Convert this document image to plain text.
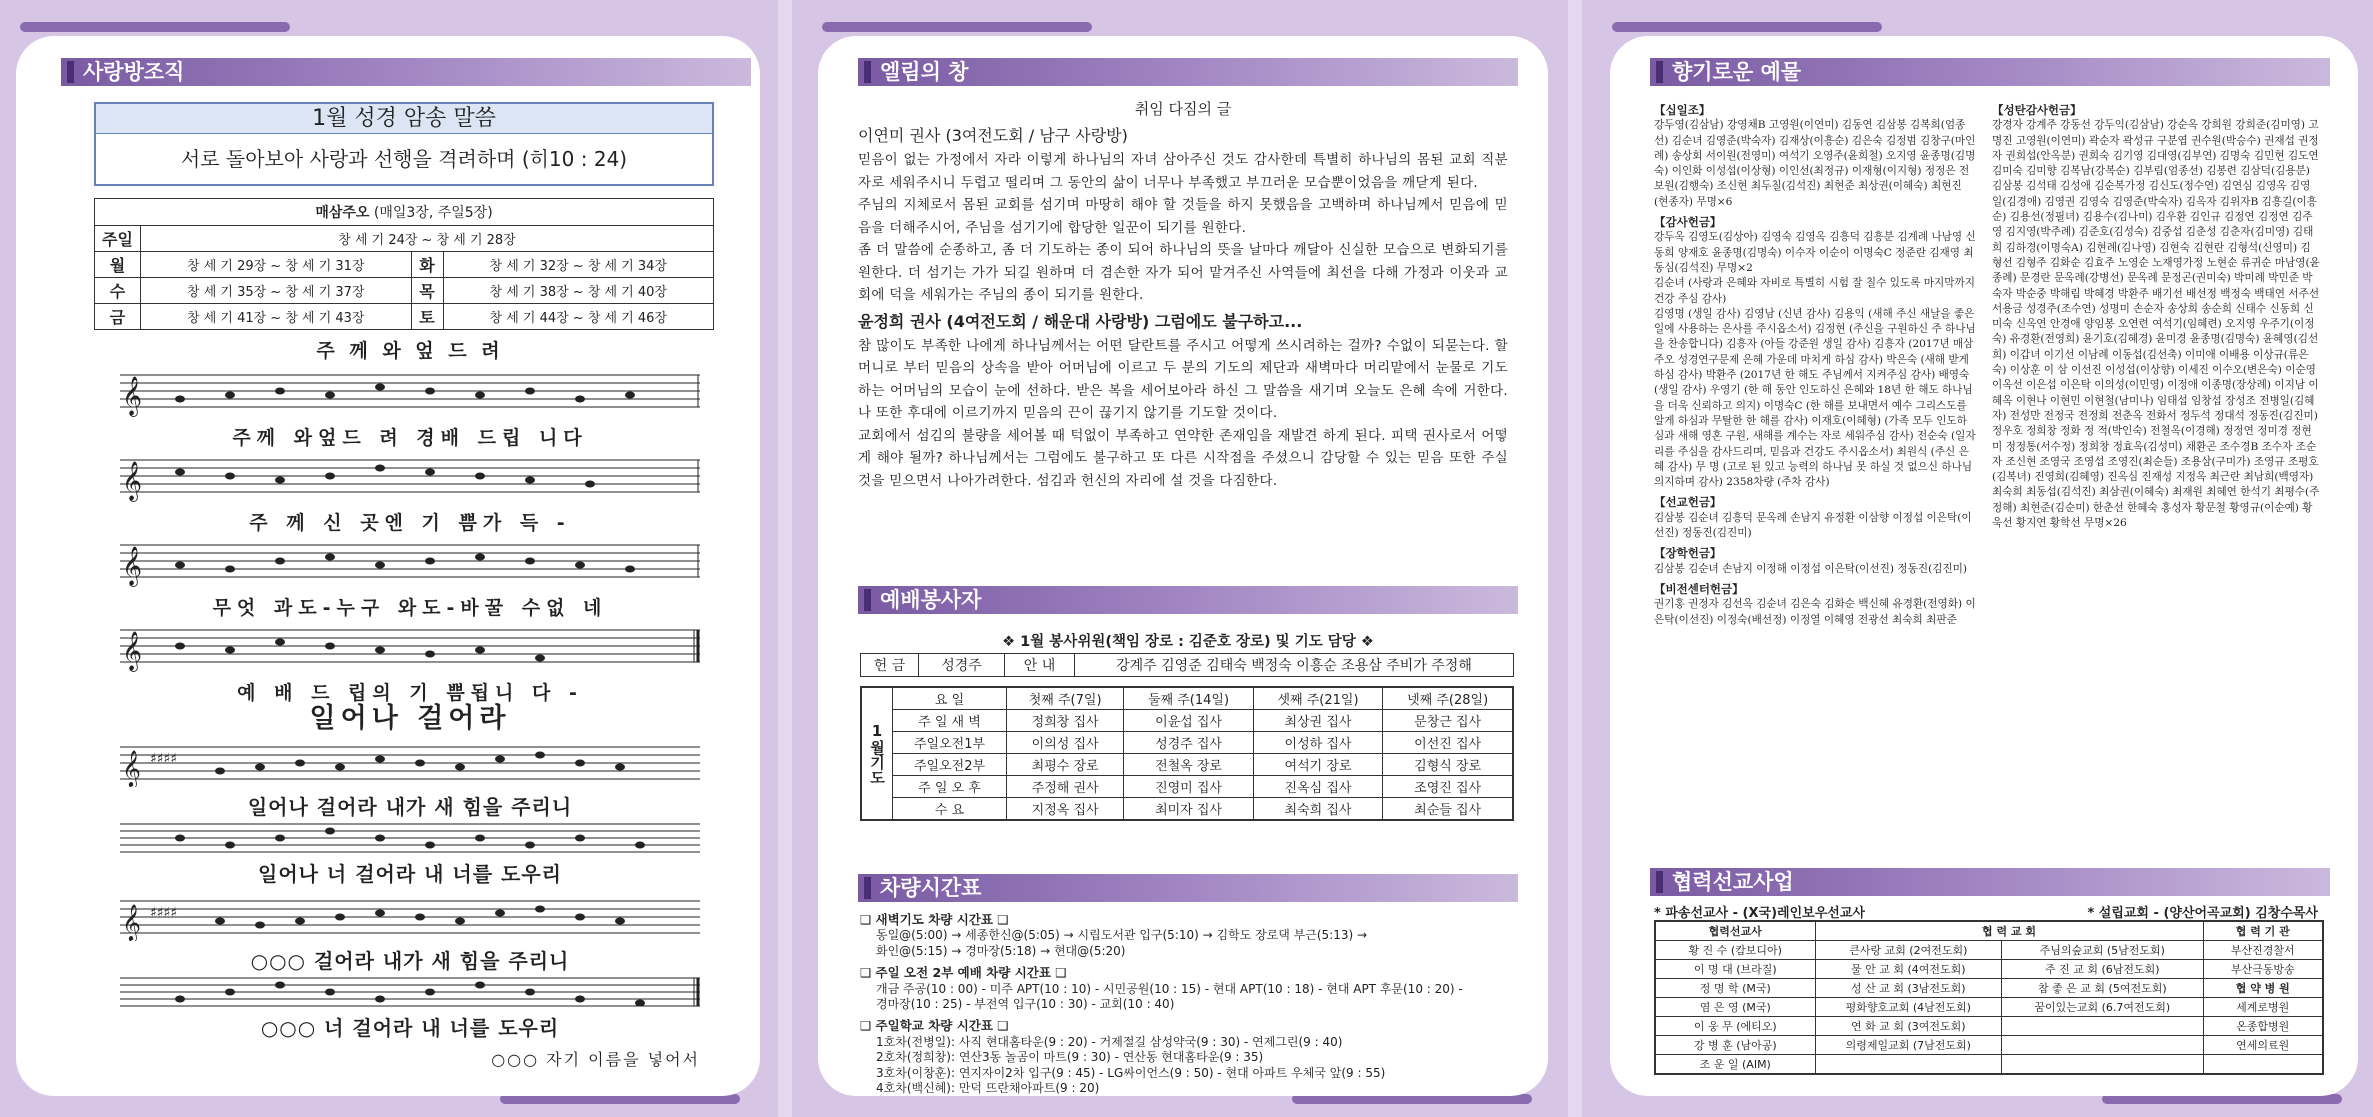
사랑방조직
1월 성경 암송 말씀
서로 돌아보아 사랑과 선행을 격려하며 (히10 : 24)
매삼주오 (매일3장, 주일5장)			
주일	창 세 기 24장 ~ 창 세 기 28장		
월	창 세 기 29장 ~ 창 세 기 31장	화	창 세 기 32장 ~ 창 세 기 34장
수	창 세 기 35장 ~ 창 세 기 37장	목	창 세 기 38장 ~ 창 세 기 40장
금	창 세 기 41장 ~ 창 세 기 43장	토	창 세 기 44장 ~ 창 세 기 46장
주 께 와 엎 드 려
𝄞
주께 와엎드 려 경배 드립 니다
𝄞
주 께 신 곳엔 기 쁨가 득 -
𝄞
무엇 과도-누구 와도-바꿀 수없 네
𝄞
예 배 드 립의 기 쁨됩니 다 -
일어나 걸어라
𝄞 ♯♯♯♯
일어나 걸어라 내가 새 힘을 주리니
일어나 너 걸어라 내 너를 도우리
𝄞 ♯♯♯♯
○○○ 걸어라 내가 새 힘을 주리니
○○○ 너 걸어라 내 너를 도우리
○○○ 자기 이름을 넣어서
엘림의 창
취임 다짐의 글
이연미 권사 (3여전도회 / 남구 사랑방)

믿음이 없는 가정에서 자라 이렇게 하나님의 자녀 삼아주신 것도 감사한데 특별히 하나님의 몸된 교회 직분자로 세워주시니 두렵고 떨리며 그 동안의 삶이 너무나 부족했고 부끄러운 모습뿐이었음을 깨닫게 된다.

주님의 지체로서 몸된 교회를 섬기며 마땅히 해야 할 것들을 하지 못했음을 고백하며 하나님께서 믿음에 믿음을 더해주시어, 주님을 섬기기에 합당한 일꾼이 되기를 원한다.

좀 더 말씀에 순종하고, 좀 더 기도하는 종이 되어 하나님의 뜻을 날마다 깨달아 신실한 모습으로 변화되기를 원한다. 더 섬기는 가가 되길 원하며 더 겸손한 자가 되어 맡겨주신 사역들에 최선을 다해 가정과 이웃과 교회에 덕을 세워가는 주님의 종이 되기를 원한다.

윤정희 권사 (4여전도회 / 해운대 사랑방) 그럼에도 불구하고...

참 많이도 부족한 나에게 하나님께서는 어떤 달란트를 주시고 어떻게 쓰시려하는 걸까? 수없이 되묻는다. 할머니로 부터 믿음의 상속을 받아 어머님에 이르고 두 분의 기도의 제단과 새벽마다 머리맡에서 눈물로 기도하는 어머님의 모습이 눈에 선하다. 받은 복을 세어보아라 하신 그 말씀을 새기며 오늘도 은혜 속에 거한다. 나 또한 후대에 이르기까지 믿음의 끈이 끊기지 않기를 기도할 것이다.

교회에서 섬김의 불량을 세어볼 때 턱없이 부족하고 연약한 존재임을 재발견 하게 된다. 피택 권사로서 어떻게 해야 될까? 하나님께서는 그럼에도 불구하고 또 다른 시작점을 주셨으니 감당할 수 있는 믿음 또한 주실 것을 믿으면서 나아가려한다. 섬김과 헌신의 자리에 설 것을 다짐한다.

예배봉사자
❖ 1월 봉사위원(책임 장로 : 김준호 장로) 및 기도 담당 ❖
헌 금	성경주	안 내	강계주 김영준 김태숙 백정숙 이흥순 조용삼 주비가 주정해
1월기도	요 일	첫째 주(7일)	둘째 주(14일)	셋째 주(21일)	넷째 주(28일)
	주 일 새 벽	정희창 집사	이윤섭 집사	최상권 집사	문창근 집사
	주일오전1부	이의성 집사	성경주 집사	이성하 집사	이선진 집사
	주일오전2부	최평수 장로	전철옥 장로	여석기 장로	김형식 장로
	주 일 오 후	주정해 권사	진영미 집사	진옥심 집사	조영진 집사
	수 요	지정옥 집사	최미자 집사	최숙희 집사	최순들 집사
차량시간표
❑ 새벽기도 차량 시간표 ❑
동일@(5:00) → 세종한신@(5:05) → 시립도서관 입구(5:10) → 김학도 장로댁 부근(5:13) →
화인@(5:15) → 경마장(5:18) → 현대@(5:20)
❑ 주일 오전 2부 예배 차량 시간표 ❑
개금 주공(10 : 00) - 미주 APT(10 : 10) - 시민공원(10 : 15) - 현대 APT(10 : 18) - 현대 APT 후문(10 : 20) -
경마장(10 : 25) - 부전역 입구(10 : 30) - 교회(10 : 40)
❑ 주일학교 차량 시간표 ❑
1호차(전병일): 사직 현대홈타운(9 : 20) - 거제절길 삼성약국(9 : 30) - 연제그린(9 : 40)
2호차(정희창): 연산3동 놀곰이 마트(9 : 30) - 연산동 현대홈타운(9 : 35)
3호차(이창훈): 연지자이2차 입구(9 : 45) - LG싸이언스(9 : 50) - 현대 아파트 우체국 앞(9 : 55)
4호차(백신혜): 만덕 뜨란채아파트(9 : 20)
향기로운 예물
【십일조】
강두영(김삼남) 강영채B 고영원(이연미) 김동연 김삼봉 김복희(엄종선) 김순녀 김영준(박숙자) 김재상(이흥순) 김은숙 김정범 김창구(마인례) 송상회 서이원(전영미) 여석기 오영주(윤희철) 오지영 윤종명(김명숙) 이인화 이성섭(이상형) 이인선(최정규) 이재형(이지형) 정정은 전보원(김행숙) 조신현 최두칠(김석진) 최현준 최상권(이혜숙) 최현진(현종자) 무명×6
【감사헌금】
강두옥 김영도(김상아) 김영숙 김영옥 김흥덕 김흥분 김계례 나남영 신동희 양재호 윤종명(김명숙) 이수자 이순이 이명숙C 정준란 김재영 최동심(김석진) 무명×2
김순녀 (사랑과 은혜와 자비로 특별히 시험 잘 칠수 있도록 마지막까지 건강 주심 감사)
김영명 (생일 감사) 김영남 (신년 감사) 김용익 (새해 주신 새날을 좋은 일에 사용하는 은사를 주시옵소서) 김정현 (주신을 구원하신 주 하나님을 찬송합니다) 김흥자 (아들 강준원 생일 감사) 김흥자 (2017년 매삼주오 성경연구문제 은혜 가운데 마치게 하심 감사) 박은숙 (새해 받게 하심 감사) 박환주 (2017년 한 해도 주님께서 지켜주심 감사) 배영숙 (생일 감사) 우영기 (한 해 동안 인도하신 은혜와 18년 한 해도 하나님을 더욱 신뢰하고 의지) 이명숙C (한 해를 보내면서 예수 그리스도를 알게 하심과 무탈한 한 해를 감사) 이재호(이혜형) (가족 모두 인도하심과 새해 영혼 구원, 새해를 계수는 자로 세워주심 감사) 전순숙 (일자리를 주심을 감사드리며, 믿음과 건강도 주시옵소서) 최원식 (주신 은혜 감사) 무 명 (고로 된 있고 능력의 하나님 못 하실 것 없으신 하나님 의지하며 감사) 2358차량 (주차 감사)
【선교헌금】
김삼봉 김순녀 김흥덕 문옥례 손남지 유정환 이삼향 이정섭 이은탁(이선진) 정동진(김진미)
【장학헌금】
김삼봉 김순녀 손남지 이정해 이정섭 이은탁(이선진) 정동진(김진미)
【비전센터헌금】
권기홍 권정자 김선옥 김순녀 김은숙 김화순 백신혜 유경환(전영화) 이은탁(이선진) 이정숙(배선정) 이정열 이혜영 전광선 최숙희 최판준
【성탄감사헌금】
강경자 강계주 강동선 강두익(김삼남) 강순옥 강희원 강희준(김미영) 고명진 고영원(이연미) 곽순자 곽성규 구분엽 권수원(박승수) 권재섭 권정자 권희섭(안옥분) 권희숙 김기영 김대영(김부연) 김명숙 김민현 김도연 김미숙 김미향 김복남(강복순) 김부림(엄종선) 김봉련 김삼덕(김용분) 김삼봉 김석태 김성애 김순복가정 김신도(정수연) 김연심 김영옥 김영일(김경애) 김영권 김영숙 김영준(박숙자) 김옥자 김위자B 김흥길(이흥순) 김용선(정필녀) 김용수(김나미) 김우환 김인규 김정연 김정연 김주영 김지영(박주례) 김준호(김성숙) 김중섭 김춘성 김춘자(김미영) 김태희 김하경(이명숙A) 김현례(김나영) 김현숙 김현란 김형석(신영미) 김형선 김형주 김화순 김효주 노영순 노재영가정 노현순 류귀순 마남영(윤종례) 문경란 문옥례(강병선) 문옥례 문정곤(권미숙) 박미례 박민준 박숙자 박순중 박해림 박혜경 박환주 배기선 배선정 백정숙 백태연 서주선 서용금 성경주(조수연) 성명미 손순자 송상희 송순희 신태수 신동희 신미숙 신옥연 안경애 양임봉 오연련 여석기(임혜련) 오지영 우주기(이정숙) 유경환(전영희) 윤기호(김혜경) 윤미경 윤종명(김명숙) 윤혜영(김선희) 이갑녀 이기선 이남례 이동섭(김선축) 이미애 이배용 이상규(류은숙) 이상훈 이 삼 이선진 이성섭(이상향) 이세진 이수오(변은숙) 이순영 이옥선 이은섭 이은탁 이의성(이민영) 이정애 이종명(장상례) 이지남 이혜옥 이현나 이현민 이현철(남미나) 임태섭 임창섭 장성조 전병일(김혜자) 전성만 전정국 전정희 전춘옥 전화서 정두석 정대석 정동진(김진미) 정우호 정희창 정화 정 적(박인숙) 전철옥(이경해) 정정연 정미경 정현미 정정통(서수정) 정희창 정효옥(김성미) 채환곤 조수경B 조수자 조순자 조신현 조영국 조영섭 조영진(최순들) 조용삼(구미가) 조영규 조평호(김복녀) 진영희(김혜영) 진옥심 진재성 지정옥 최근란 최남희(백영자) 최숙희 최동섭(김석진) 최삼권(이혜숙) 최재원 최혜연 한석기 최평수(주정해) 최현준(김순미) 한춘선 한혜숙 홍성자 황문철 황영규(이순예) 황욱선 황지연 황학선 무명×26
협력선교사업
* 파송선교사 - (X국)레인보우선교사	* 설립교회 - (양산어곡교회) 김창수목사
협력선교사	협 력 교 회		협 력 기 관
황 진 수 (캄보디아)	큰사랑 교회 (2여전도회)	주님의숲교회 (5남전도회)	부산진경찰서
이 명 대 (브라질)	물 안 교 회 (4여전도회)	주 진 교 회 (6남전도회)	부산극동방송
정 명 학 (M국)	성 산 교 회 (3남전도회)	참 좋 은 교 회 (5여전도회)	협 약 병 원
염 은 영 (M국)	평화향호교회 (4남전도회)	꿈이있는교회 (6.7여전도회)	세계로병원
이 웅 무 (에티오)	연 화 교 회 (3여전도회)		온종합병원
강 병 훈 (남아공)	의령제일교회 (7남전도회)		연세의료원
조 운 일 (AIM)			
